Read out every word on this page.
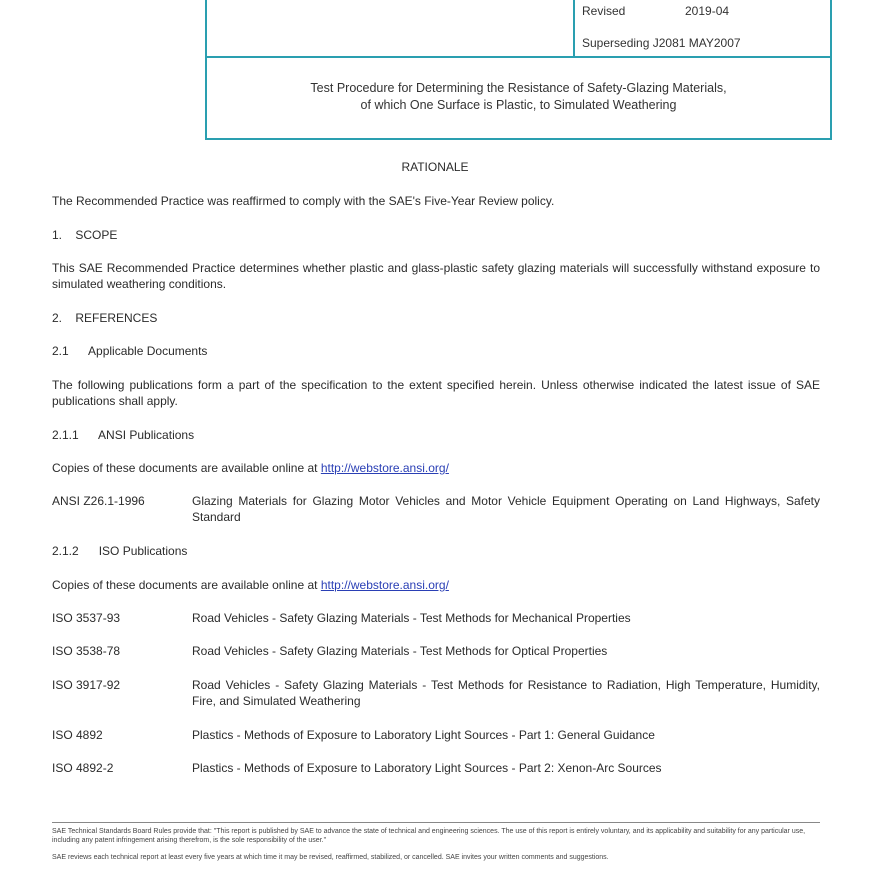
Revised	2019-04
Superseding J2081 MAY2007
Test Procedure for Determining the Resistance of Safety-Glazing Materials,
of which One Surface is Plastic, to Simulated Weathering
RATIONALE
The Recommended Practice was reaffirmed to comply with the SAE's Five-Year Review policy.
1.    SCOPE
This SAE Recommended Practice determines whether plastic and glass-plastic safety glazing materials will successfully withstand exposure to simulated weathering conditions.
2.    REFERENCES
2.1      Applicable Documents
The following publications form a part of the specification to the extent specified herein. Unless otherwise indicated the latest issue of SAE publications shall apply.
2.1.1      ANSI Publications
Copies of these documents are available online at http://webstore.ansi.org/
ANSI Z26.1-1996	Glazing Materials for Glazing Motor Vehicles and Motor Vehicle Equipment Operating on Land Highways, Safety Standard
2.1.2      ISO Publications
Copies of these documents are available online at http://webstore.ansi.org/
ISO 3537-93	Road Vehicles - Safety Glazing Materials - Test Methods for Mechanical Properties
ISO 3538-78	Road Vehicles - Safety Glazing Materials - Test Methods for Optical Properties
ISO 3917-92	Road Vehicles - Safety Glazing Materials - Test Methods for Resistance to Radiation, High Temperature, Humidity, Fire, and Simulated Weathering
ISO 4892	Plastics - Methods of Exposure to Laboratory Light Sources - Part 1: General Guidance
ISO 4892-2	Plastics - Methods of Exposure to Laboratory Light Sources - Part 2: Xenon-Arc Sources
SAE Technical Standards Board Rules provide that: "This report is published by SAE to advance the state of technical and engineering sciences. The use of this report is entirely voluntary, and its applicability and suitability for any particular use, including any patent infringement arising therefrom, is the sole responsibility of the user."
SAE reviews each technical report at least every five years at which time it may be revised, reaffirmed, stabilized, or cancelled. SAE invites your written comments and suggestions.
